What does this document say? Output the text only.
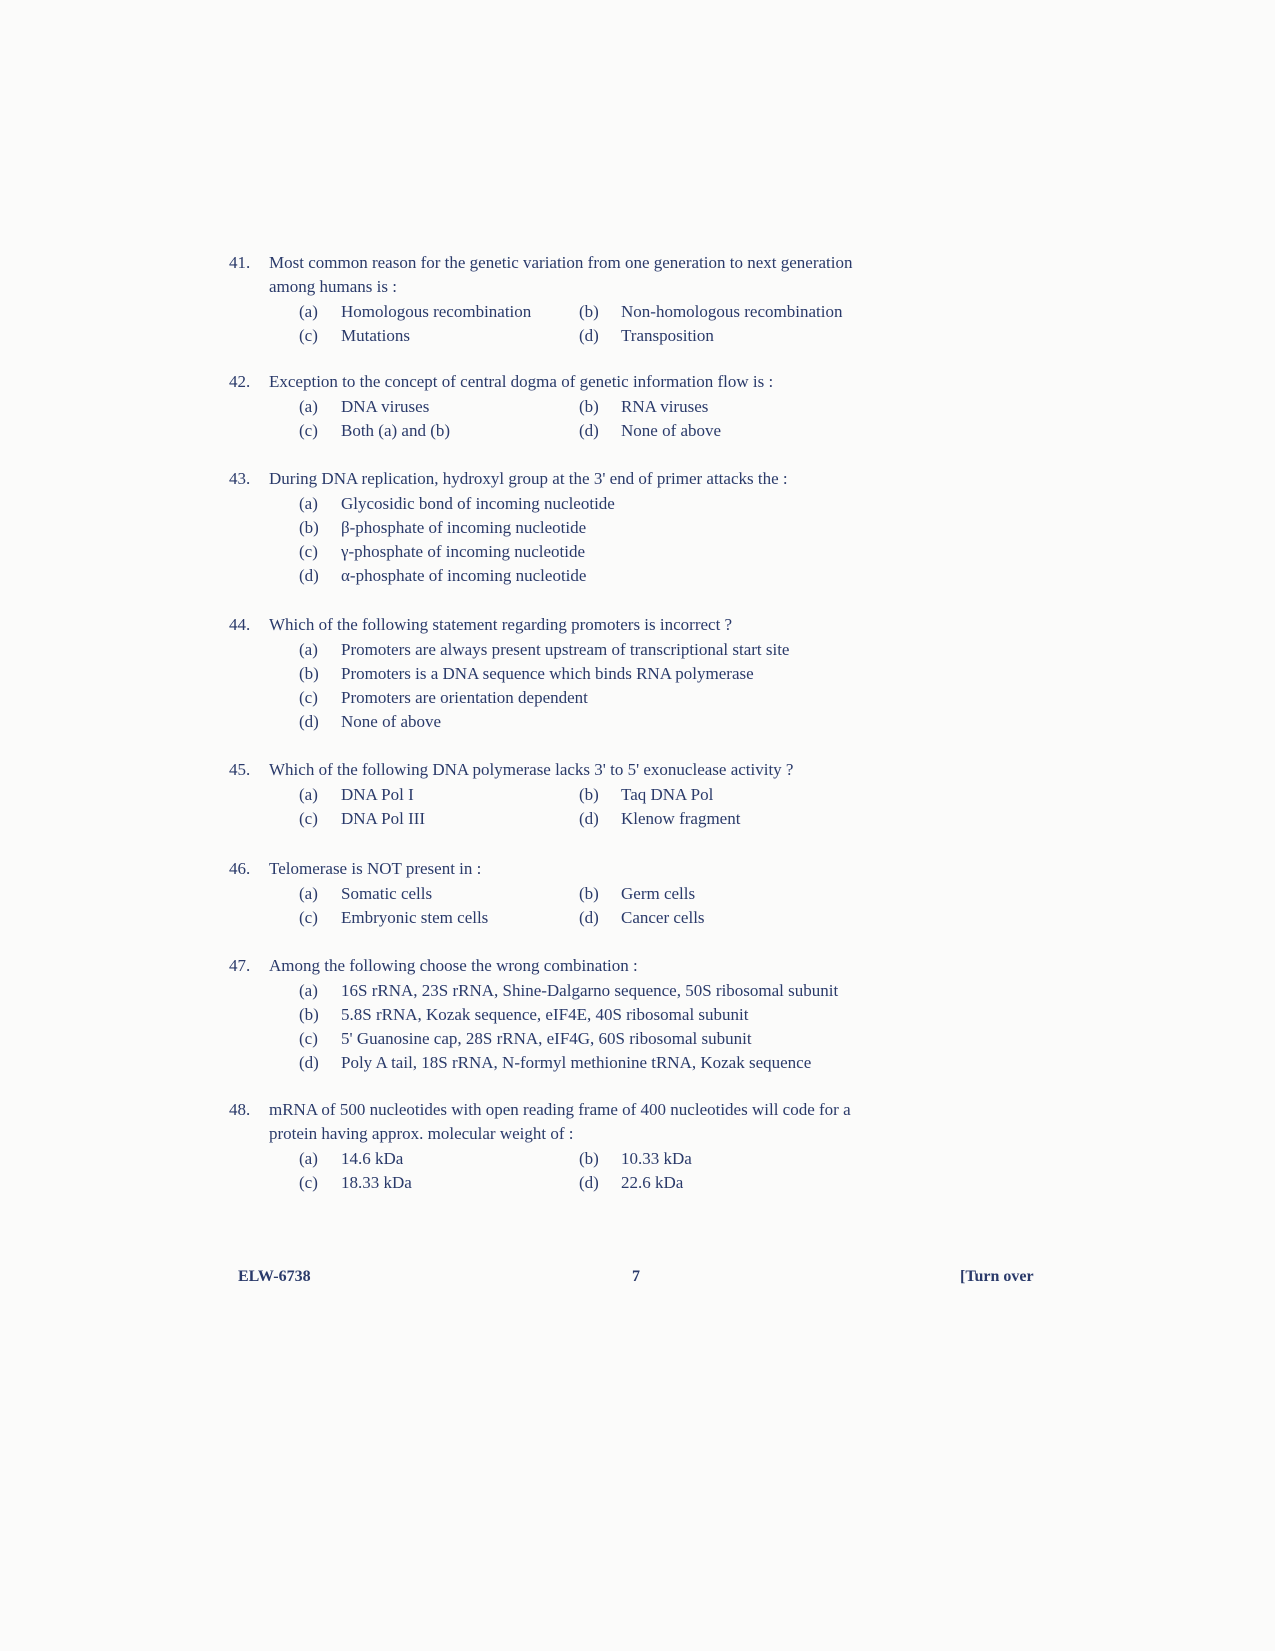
41.	Most common reason for the genetic variation from one generation to next generation among humans is :
(a)	Homologous recombination	(b)	Non-homologous recombination
(c)	Mutations	(d)	Transposition
42.	Exception to the concept of central dogma of genetic information flow is :
(a)	DNA viruses	(b)	RNA viruses
(c)	Both (a) and (b)	(d)	None of above
43.	During DNA replication, hydroxyl group at the 3' end of primer attacks the :
(a)	Glycosidic bond of incoming nucleotide
(b)	β-phosphate of incoming nucleotide
(c)	γ-phosphate of incoming nucleotide
(d)	α-phosphate of incoming nucleotide
44.	Which of the following statement regarding promoters is incorrect ?
(a)	Promoters are always present upstream of transcriptional start site
(b)	Promoters is a DNA sequence which binds RNA polymerase
(c)	Promoters are orientation dependent
(d)	None of above
45.	Which of the following DNA polymerase lacks 3' to 5' exonuclease activity ?
(a)	DNA Pol I	(b)	Taq DNA Pol
(c)	DNA Pol III	(d)	Klenow fragment
46.	Telomerase is NOT present in :
(a)	Somatic cells	(b)	Germ cells
(c)	Embryonic stem cells	(d)	Cancer cells
47.	Among the following choose the wrong combination :
(a)	16S rRNA, 23S rRNA, Shine-Dalgarno sequence, 50S ribosomal subunit
(b)	5.8S rRNA, Kozak sequence, eIF4E, 40S ribosomal subunit
(c)	5' Guanosine cap, 28S rRNA, eIF4G, 60S ribosomal subunit
(d)	Poly A tail, 18S rRNA, N-formyl methionine tRNA, Kozak sequence
48.	mRNA of 500 nucleotides with open reading frame of 400 nucleotides will code for a protein having approx. molecular weight of :
(a)	14.6 kDa	(b)	10.33 kDa
(c)	18.33 kDa	(d)	22.6 kDa
ELW-6738	7	[Turn over
